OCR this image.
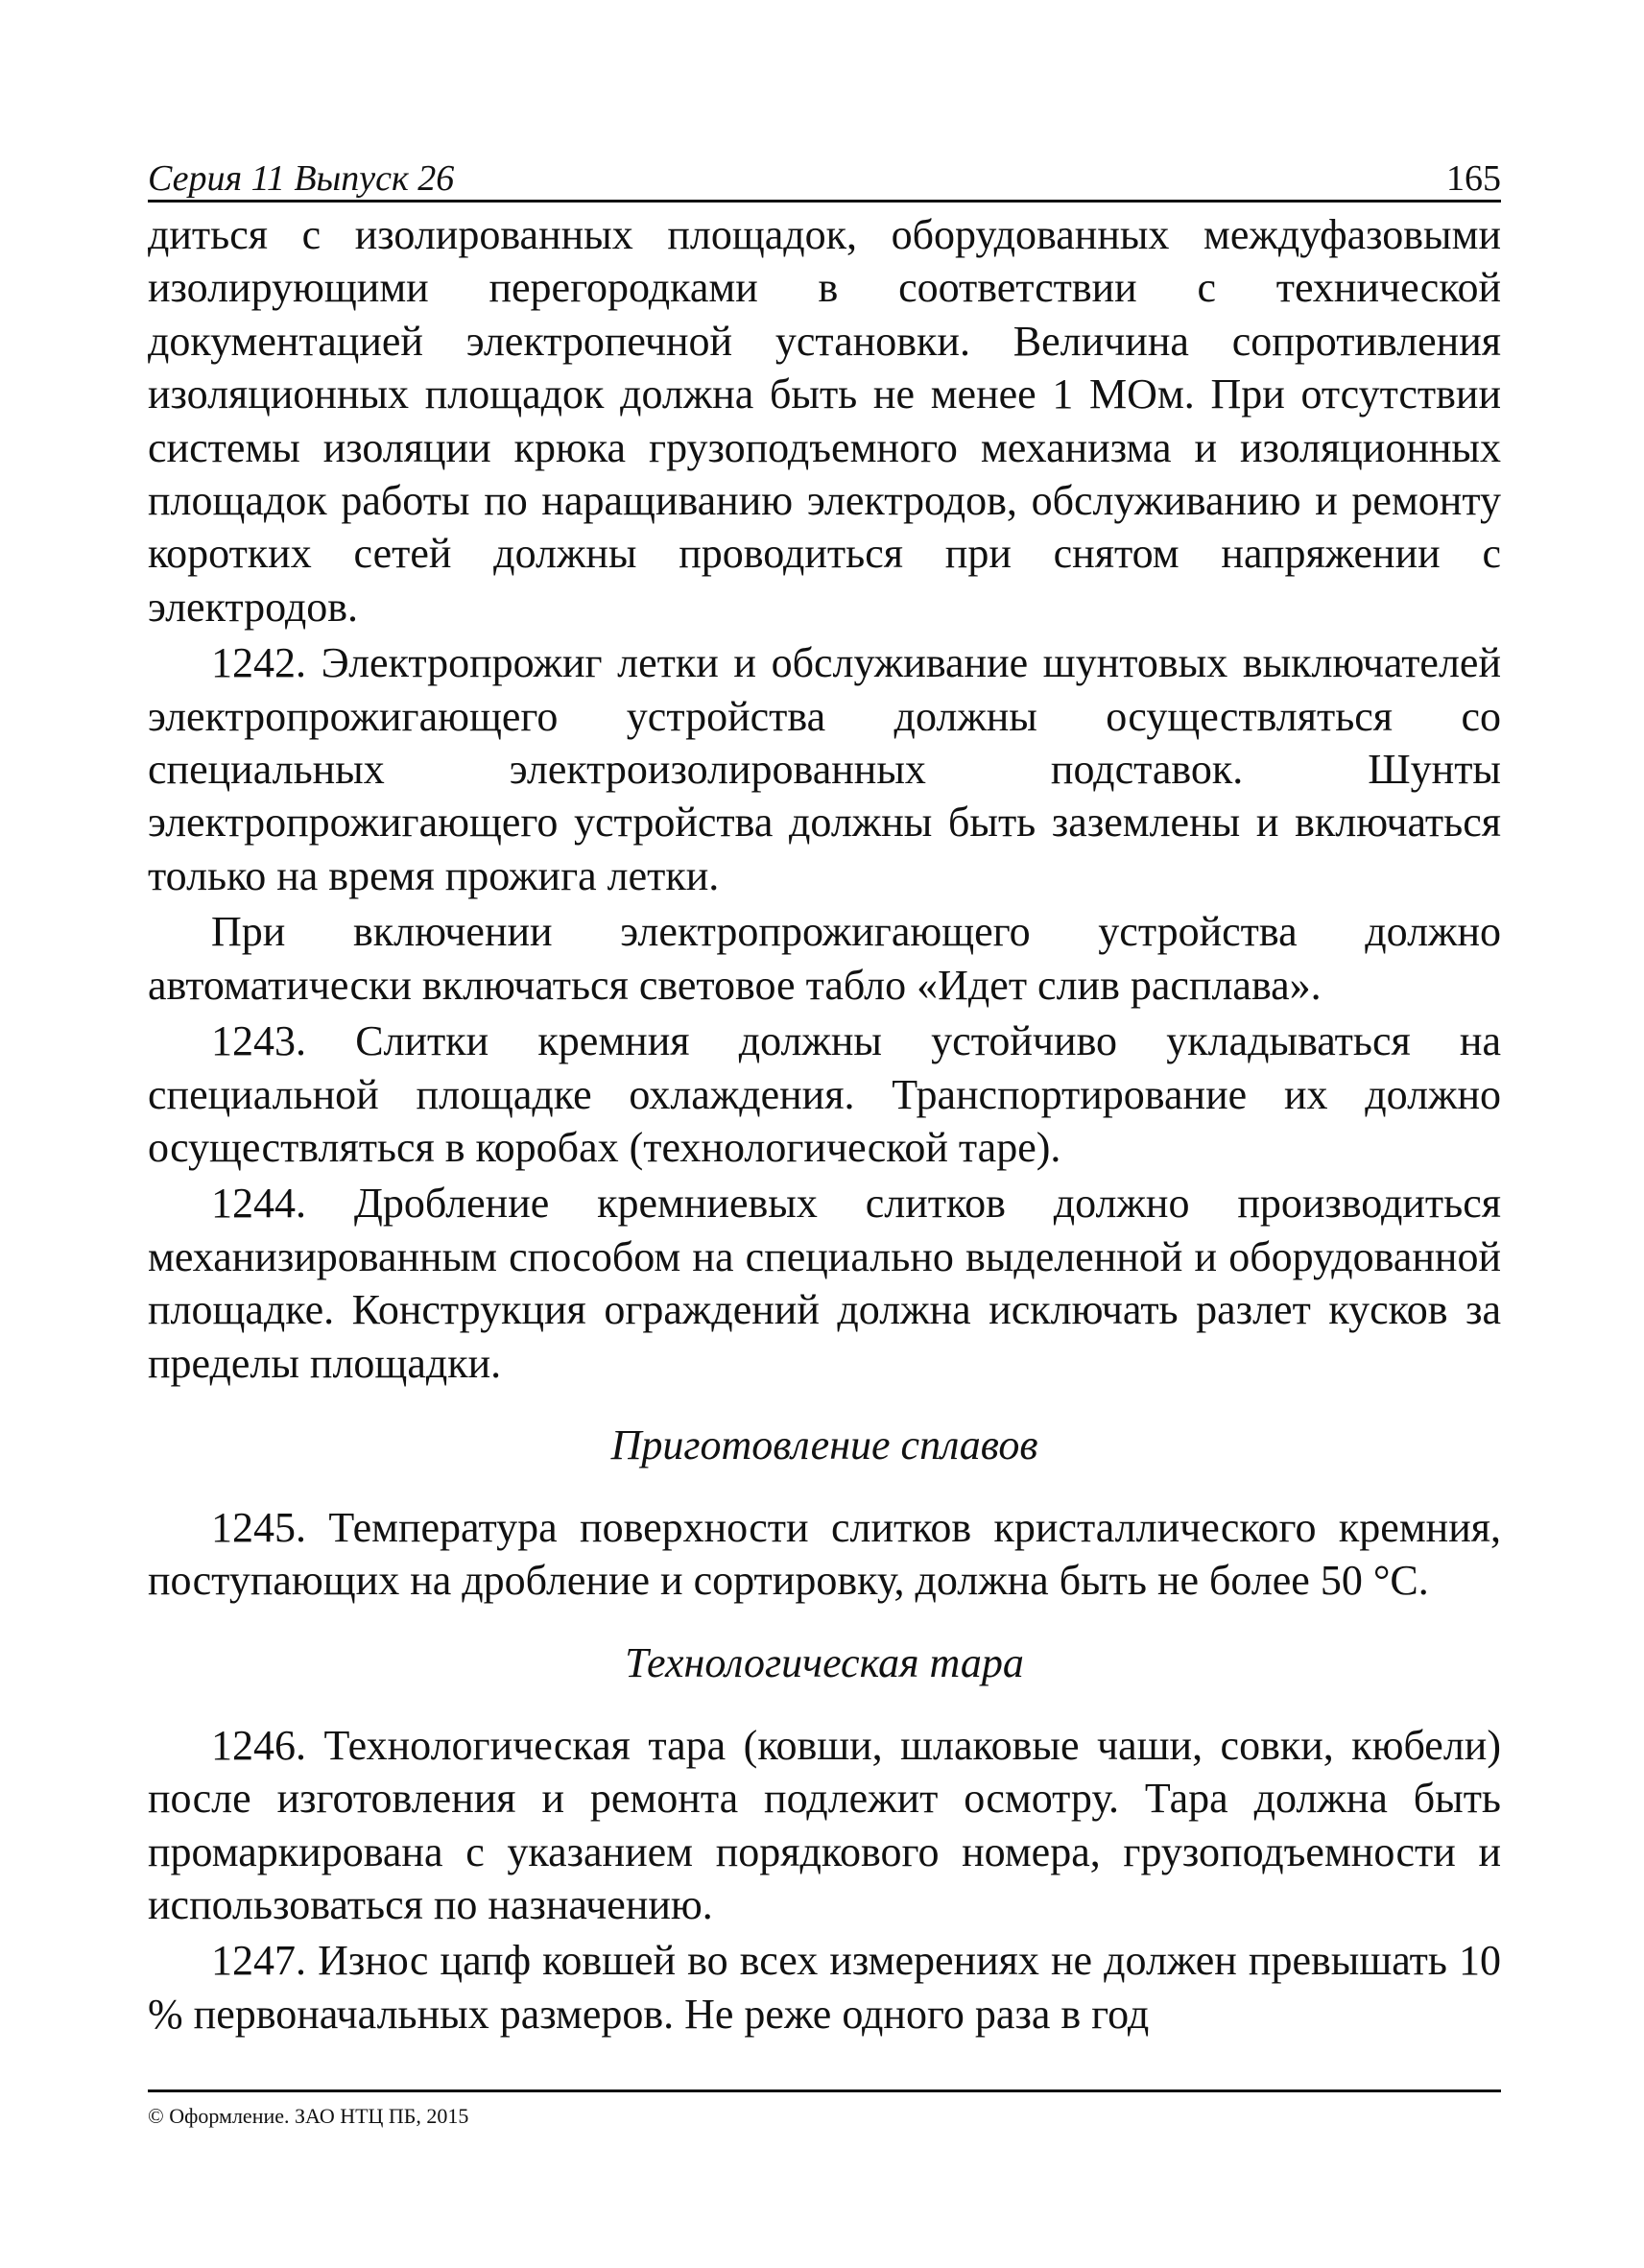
Серия 11 Выпуск 26	165

диться с изолированных площадок, оборудованных междуфазовыми изолирующими перегородками в соответствии с технической документацией электропечной установки. Величина сопротивления изоляционных площадок должна быть не менее 1 МОм. При отсутствии системы изоляции крюка грузоподъемного механизма и изоляционных площадок работы по наращиванию электродов, обслуживанию и ремонту коротких сетей должны проводиться при снятом напряжении с электродов.

1242. Электропрожиг летки и обслуживание шунтовых выключателей электропрожигающего устройства должны осуществляться со специальных электроизолированных подставок. Шунты электропрожигающего устройства должны быть заземлены и включаться только на время прожига летки.

При включении электропрожигающего устройства должно автоматически включаться световое табло «Идет слив расплава».

1243. Слитки кремния должны устойчиво укладываться на специальной площадке охлаждения. Транспортирование их должно осуществляться в коробах (технологической таре).

1244. Дробление кремниевых слитков должно производиться механизированным способом на специально выделенной и оборудованной площадке. Конструкция ограждений должна исключать разлет кусков за пределы площадки.

Приготовление сплавов

1245. Температура поверхности слитков кристаллического кремния, поступающих на дробление и сортировку, должна быть не более 50 °С.

Технологическая тара

1246. Технологическая тара (ковши, шлаковые чаши, совки, кюбели) после изготовления и ремонта подлежит осмотру. Тара должна быть промаркирована с указанием порядкового номера, грузоподъемности и использоваться по назначению.

1247. Износ цапф ковшей во всех измерениях не должен превышать 10 % первоначальных размеров. Не реже одного раза в год

© Оформление. ЗАО НТЦ ПБ, 2015
